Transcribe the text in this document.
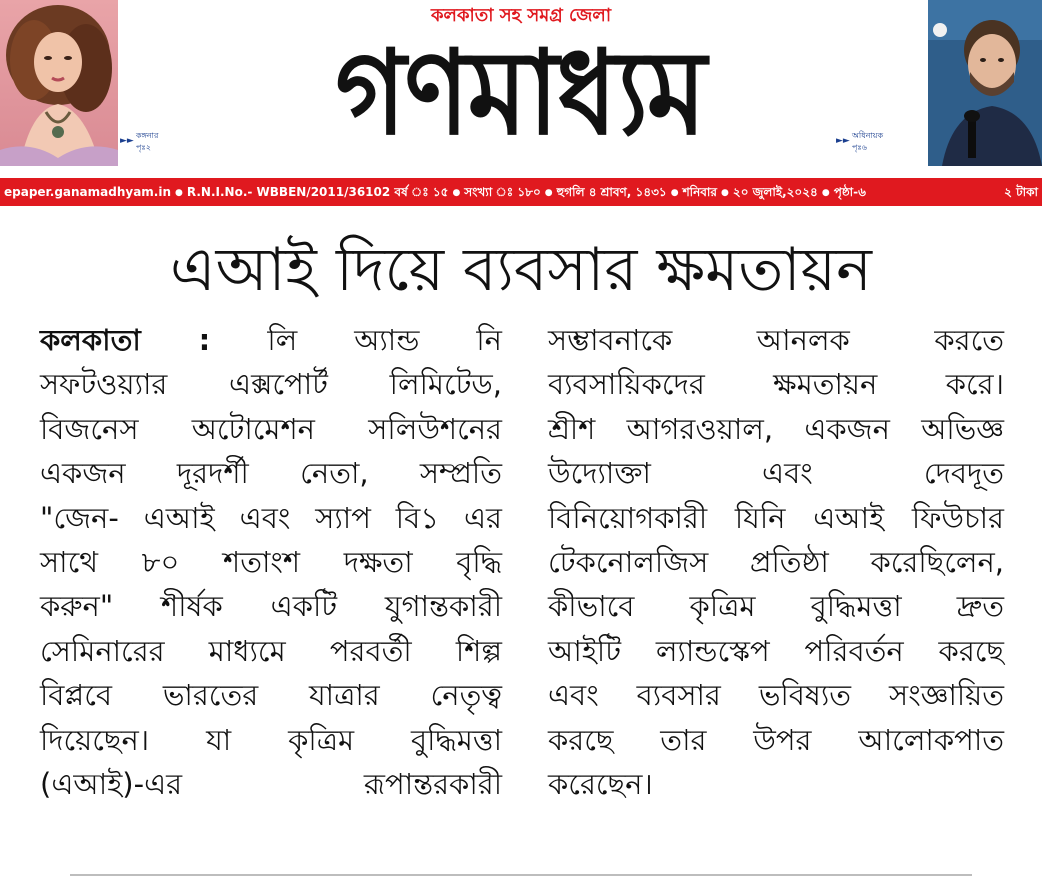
►►
কঙ্গনার
পৃঃ২
কলকাতা সহ সমগ্র জেলা
গণমাধ্যম	►►
অধিনায়ক
পৃঃ৬
epaper.ganamadhyam.in ● R.N.I.No.- WBBEN/2011/36102 বর্ষ ঃ ১৫ ● সংখ্যা ঃ ১৮০ ● হুগলি ৪ শ্রাবণ, ১৪৩১ ● শনিবার ● ২০ জুলাই,২০২৪ ● পৃষ্ঠা-৬	২ টাকা
এআই দিয়ে ব্যবসার ক্ষমতায়ন
কলকাতা : লি অ্যান্ড নি
সফটওয়্যার এক্সপোর্ট লিমিটেড,
বিজনেস অটোমেশন সলিউশনের
একজন দূরদর্শী নেতা, সম্প্রতি
"জেন- এআই এবং স্যাপ বি১ এর
সাথে ৮০ শতাংশ দক্ষতা বৃদ্ধি
করুন" শীর্ষক একটি যুগান্তকারী
সেমিনারের মাধ্যমে পরবর্তী শিল্প
বিপ্লবে ভারতের যাত্রার নেতৃত্ব
দিয়েছেন। যা কৃত্রিম বুদ্ধিমত্তা
(এআই)-এর রূপান্তরকারী
সম্ভাবনাকে আনলক করতে
ব্যবসায়িকদের ক্ষমতায়ন করে।
শ্রীশ আগরওয়াল, একজন অভিজ্ঞ
উদ্যোক্তা এবং দেবদূত
বিনিয়োগকারী যিনি এআই ফিউচার
টেকনোলজিস প্রতিষ্ঠা করেছিলেন,
কীভাবে কৃত্রিম বুদ্ধিমত্তা দ্রুত
আইটি ল্যান্ডস্কেপ পরিবর্তন করছে
এবং ব্যবসার ভবিষ্যত সংজ্ঞায়িত
করছে তার উপর আলোকপাত
করেছেন।
